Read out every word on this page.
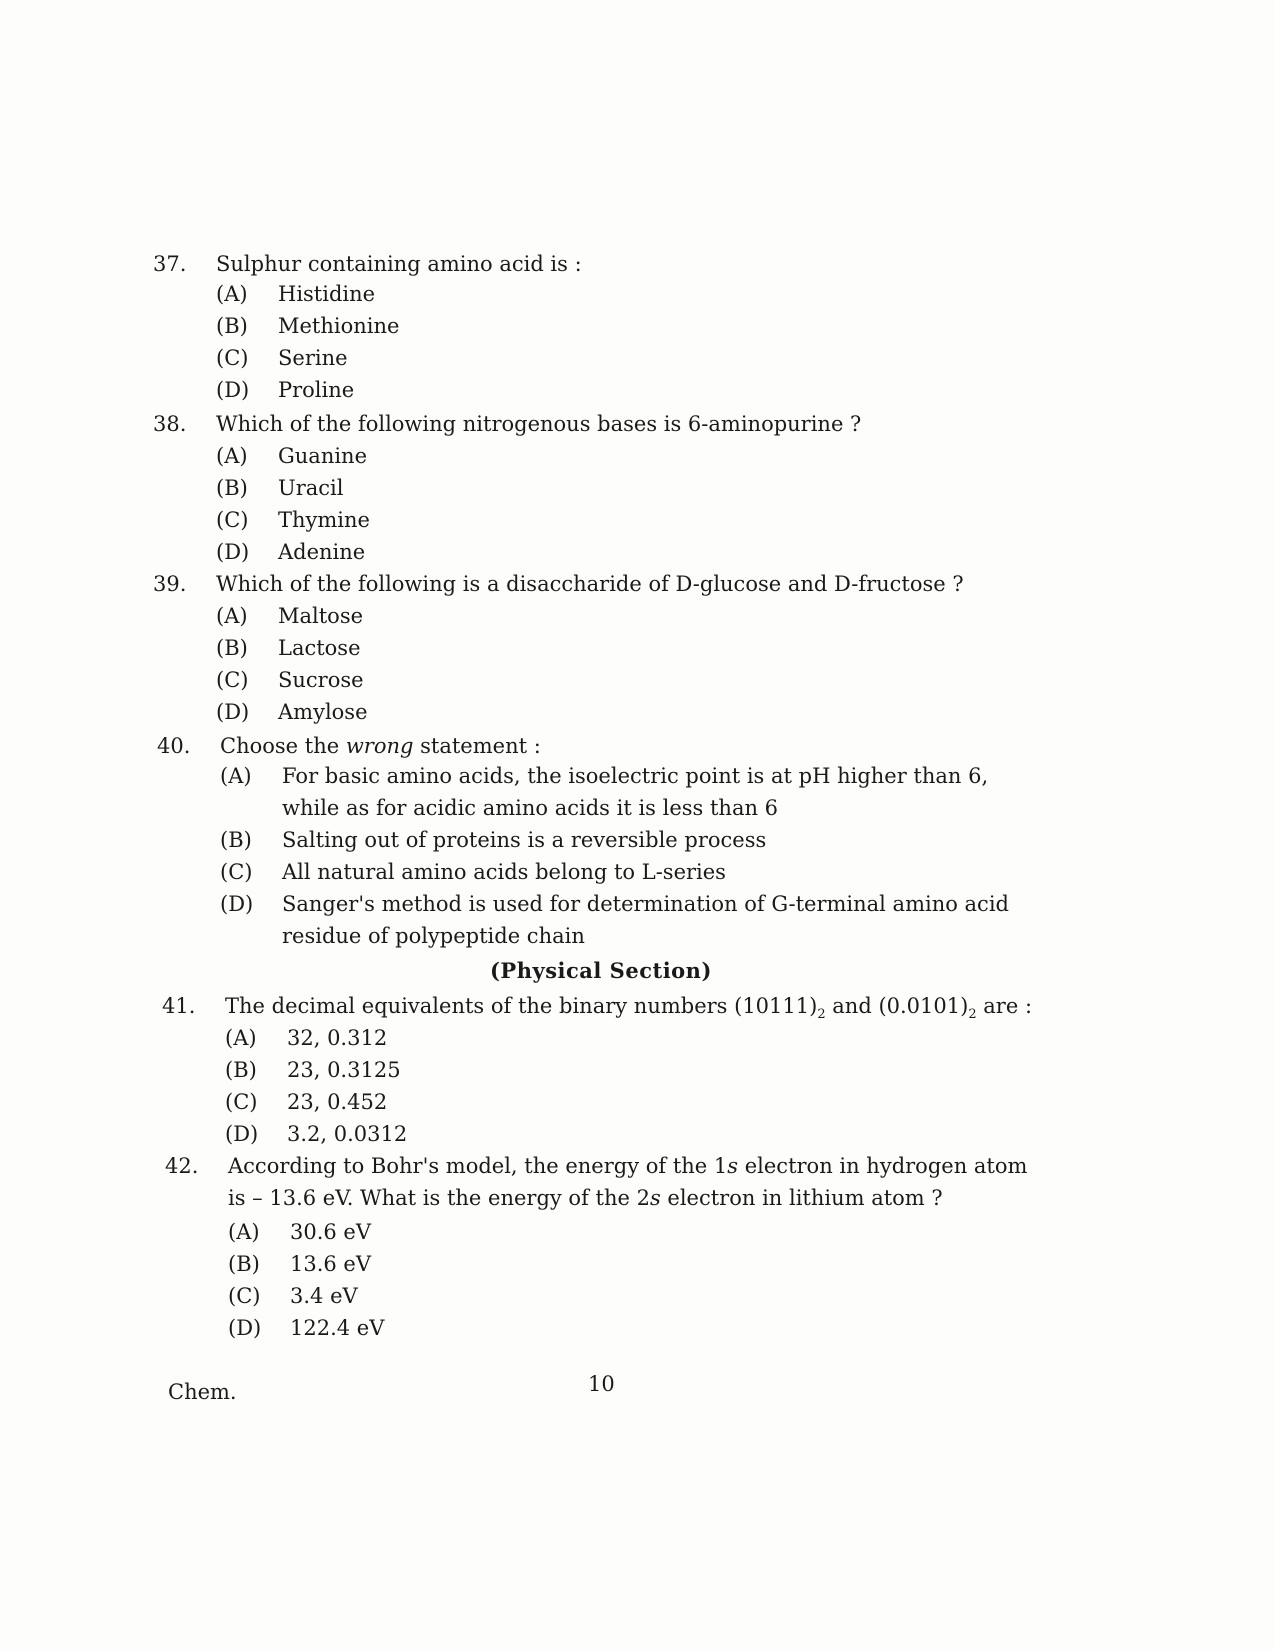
37.	Sulphur containing amino acid is :
(A) Histidine
(B) Methionine
(C) Serine
(D) Proline
38.	Which of the following nitrogenous bases is 6-aminopurine ?
(A) Guanine
(B) Uracil
(C) Thymine
(D) Adenine
39.	Which of the following is a disaccharide of D-glucose and D-fructose ?
(A) Maltose
(B) Lactose
(C) Sucrose
(D) Amylose
40.	Choose the wrong statement :
(A) For basic amino acids, the isoelectric point is at pH higher than 6, while as for acidic amino acids it is less than 6
(B) Salting out of proteins is a reversible process
(C) All natural amino acids belong to L-series
(D) Sanger's method is used for determination of G-terminal amino acid residue of polypeptide chain
(Physical Section)
41.	The decimal equivalents of the binary numbers $(10111)_2$ and $(0.0101)_2$ are :
(A) 32, 0.312
(B) 23, 0.3125
(C) 23, 0.452
(D) 3.2, 0.0312
42.	According to Bohr's model, the energy of the 1s electron in hydrogen atom is – 13.6 eV. What is the energy of the 2s electron in lithium atom ?
(A) 30.6 eV
(B) 13.6 eV
(C) 3.4 eV
(D) 122.4 eV
Chem.	10
